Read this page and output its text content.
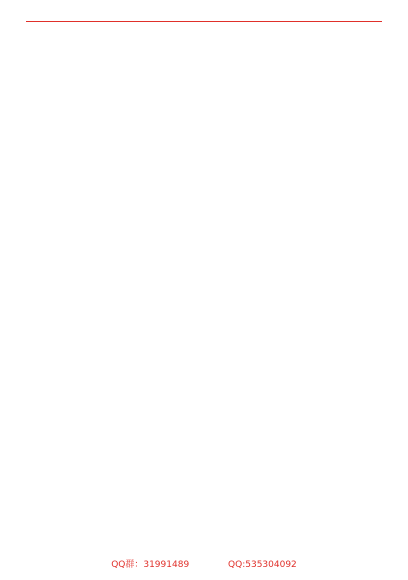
QQ群：31991489	QQ:535304092
